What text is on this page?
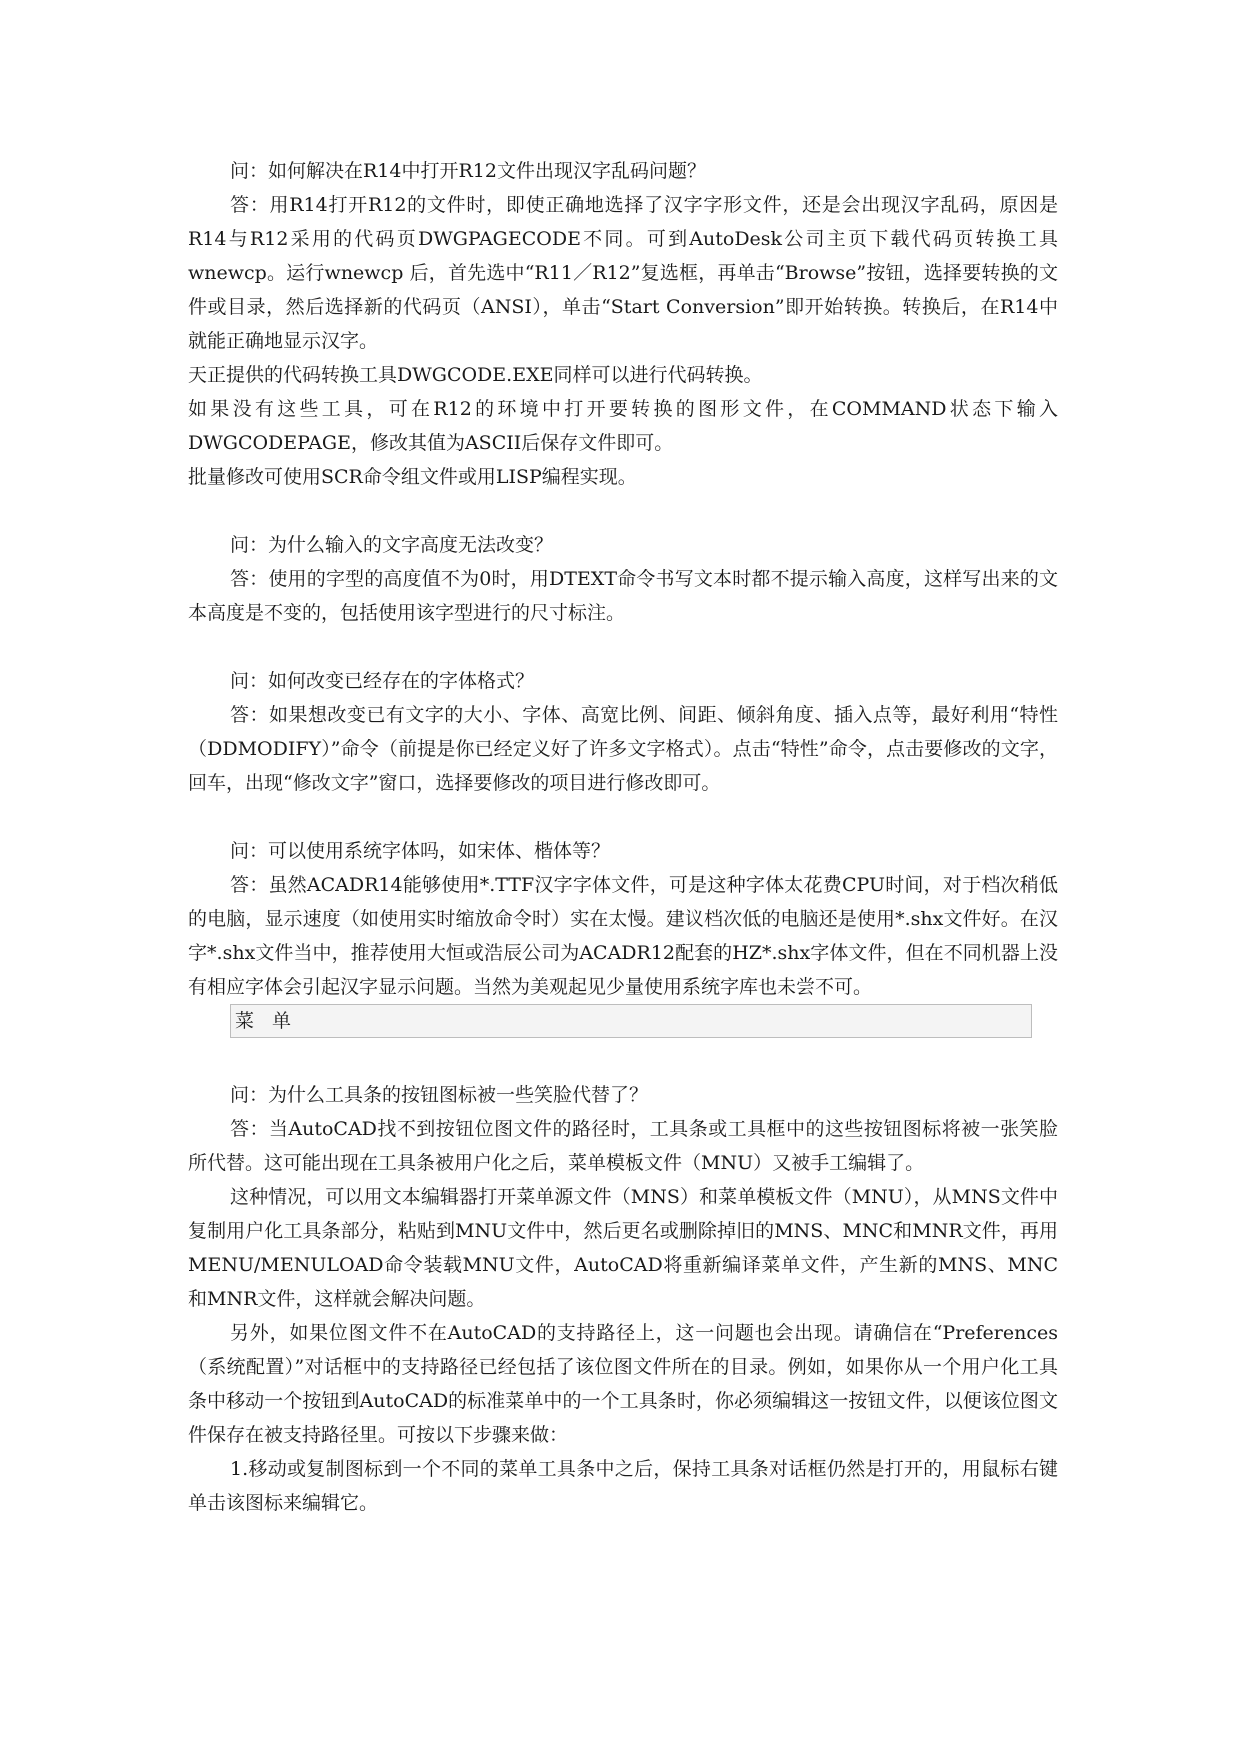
问：如何解决在R14中打开R12文件出现汉字乱码问题？

答：用R14打开R12的文件时，即使正确地选择了汉字字形文件，还是会出现汉字乱码，原因是R14与R12采用的代码页DWGPAGECODE不同。可到AutoDesk公司主页下载代码页转换工具wnewcp。运行wnewcp 后，首先选中“R11／R12”复选框，再单击“Browse”按钮，选择要转换的文件或目录，然后选择新的代码页（ANSI），单击“Start Conversion”即开始转换。转换后，在R14中就能正确地显示汉字。

天正提供的代码转换工具DWGCODE.EXE同样可以进行代码转换。

如果没有这些工具，可在R12的环境中打开要转换的图形文件，在COMMAND状态下输入DWGCODEPAGE，修改其值为ASCII后保存文件即可。

批量修改可使用SCR命令组文件或用LISP编程实现。

问：为什么输入的文字高度无法改变？

答：使用的字型的高度值不为0时，用DTEXT命令书写文本时都不提示输入高度，这样写出来的文本高度是不变的，包括使用该字型进行的尺寸标注。

问：如何改变已经存在的字体格式？

答：如果想改变已有文字的大小、字体、高宽比例、间距、倾斜角度、插入点等，最好利用“特性（DDMODIFY）”命令（前提是你已经定义好了许多文字格式）。点击“特性”命令，点击要修改的文字，回车，出现“修改文字”窗口，选择要修改的项目进行修改即可。

问：可以使用系统字体吗，如宋体、楷体等？

答：虽然ACADR14能够使用*.TTF汉字字体文件，可是这种字体太花费CPU时间，对于档次稍低的电脑，显示速度（如使用实时缩放命令时）实在太慢。建议档次低的电脑还是使用*.shx文件好。在汉字*.shx文件当中，推荐使用大恒或浩辰公司为ACADR12配套的HZ*.shx字体文件，但在不同机器上没有相应字体会引起汉字显示问题。当然为美观起见少量使用系统字库也未尝不可。

菜 单

问：为什么工具条的按钮图标被一些笑脸代替了？

答：当AutoCAD找不到按钮位图文件的路径时，工具条或工具框中的这些按钮图标将被一张笑脸所代替。这可能出现在工具条被用户化之后，菜单模板文件（MNU）又被手工编辑了。

这种情况，可以用文本编辑器打开菜单源文件（MNS）和菜单模板文件（MNU），从MNS文件中复制用户化工具条部分，粘贴到MNU文件中，然后更名或删除掉旧的MNS、MNC和MNR文件，再用MENU/MENULOAD命令装载MNU文件，AutoCAD将重新编译菜单文件，产生新的MNS、MNC和MNR文件，这样就会解决问题。

另外，如果位图文件不在AutoCAD的支持路径上，这一问题也会出现。请确信在“Preferences（系统配置）”对话框中的支持路径已经包括了该位图文件所在的目录。例如，如果你从一个用户化工具条中移动一个按钮到AutoCAD的标准菜单中的一个工具条时，你必须编辑这一按钮文件，以便该位图文件保存在被支持路径里。可按以下步骤来做：

1.移动或复制图标到一个不同的菜单工具条中之后，保持工具条对话框仍然是打开的，用鼠标右键单击该图标来编辑它。
